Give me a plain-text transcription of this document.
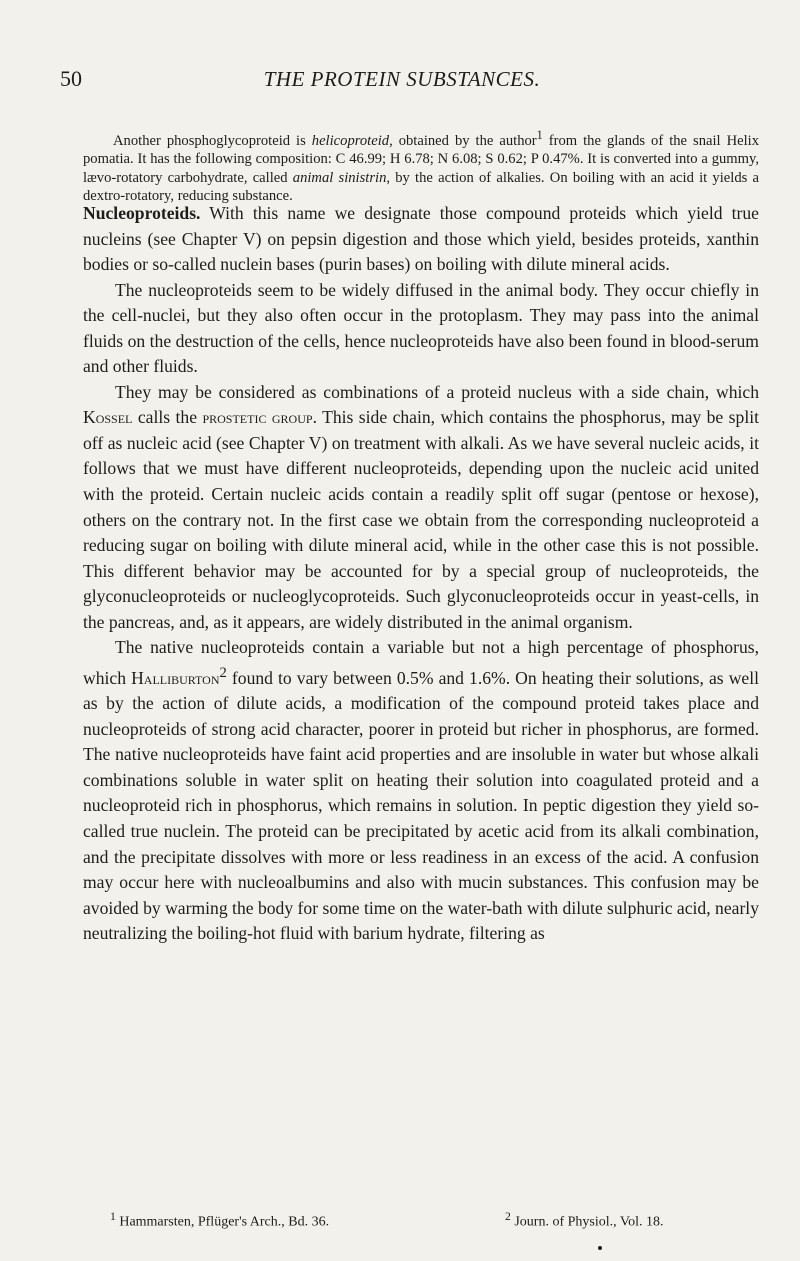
50	THE PROTEIN SUBSTANCES.
Another phosphoglycoproteid is helicoproteid, obtained by the author$^1$ from the glands of the snail Helix pomatia. It has the following composition: C 46.99; H 6.78; N 6.08; S 0.62; P 0.47%. It is converted into a gummy, lævo-rotatory carbohydrate, called animal sinistrin, by the action of alkalies. On boiling with an acid it yields a dextro-rotatory, reducing substance.

Nucleoproteids. With this name we designate those compound proteids which yield true nucleins (see Chapter V) on pepsin digestion and those which yield, besides proteids, xanthin bodies or so-called nuclein bases (purin bases) on boiling with dilute mineral acids.

The nucleoproteids seem to be widely diffused in the animal body. They occur chiefly in the cell-nuclei, but they also often occur in the protoplasm. They may pass into the animal fluids on the destruction of the cells, hence nucleoproteids have also been found in blood-serum and other fluids.

They may be considered as combinations of a proteid nucleus with a side chain, which Kossel calls the prostetic group. This side chain, which contains the phosphorus, may be split off as nucleic acid (see Chapter V) on treatment with alkali. As we have several nucleic acids, it follows that we must have different nucleoproteids, depending upon the nucleic acid united with the proteid. Certain nucleic acids contain a readily split off sugar (pentose or hexose), others on the contrary not. In the first case we obtain from the corresponding nucleoproteid a reducing sugar on boiling with dilute mineral acid, while in the other case this is not possible. This different behavior may be accounted for by a special group of nucleoproteids, the glyconucleoproteids or nucleoglycoproteids. Such glyconucleoproteids occur in yeast-cells, in the pancreas, and, as it appears, are widely distributed in the animal organism.

The native nucleoproteids contain a variable but not a high percentage of phosphorus, which Halliburton$^2$ found to vary between 0.5% and 1.6%. On heating their solutions, as well as by the action of dilute acids, a modification of the compound proteid takes place and nucleoproteids of strong acid character, poorer in proteid but richer in phosphorus, are formed. The native nucleoproteids have faint acid properties and are insoluble in water but whose alkali combinations soluble in water split on heating their solution into coagulated proteid and a nucleoproteid rich in phosphorus, which remains in solution. In peptic digestion they yield so-called true nuclein. The proteid can be precipitated by acetic acid from its alkali combination, and the precipitate dissolves with more or less readiness in an excess of the acid. A confusion may occur here with nucleoalbumins and also with mucin substances. This confusion may be avoided by warming the body for some time on the water-bath with dilute sulphuric acid, nearly neutralizing the boiling-hot fluid with barium hydrate, filtering as

$^1$ Hammarsten, Pflüger's Arch., Bd. 36.	$^2$ Journ. of Physiol., Vol. 18.
